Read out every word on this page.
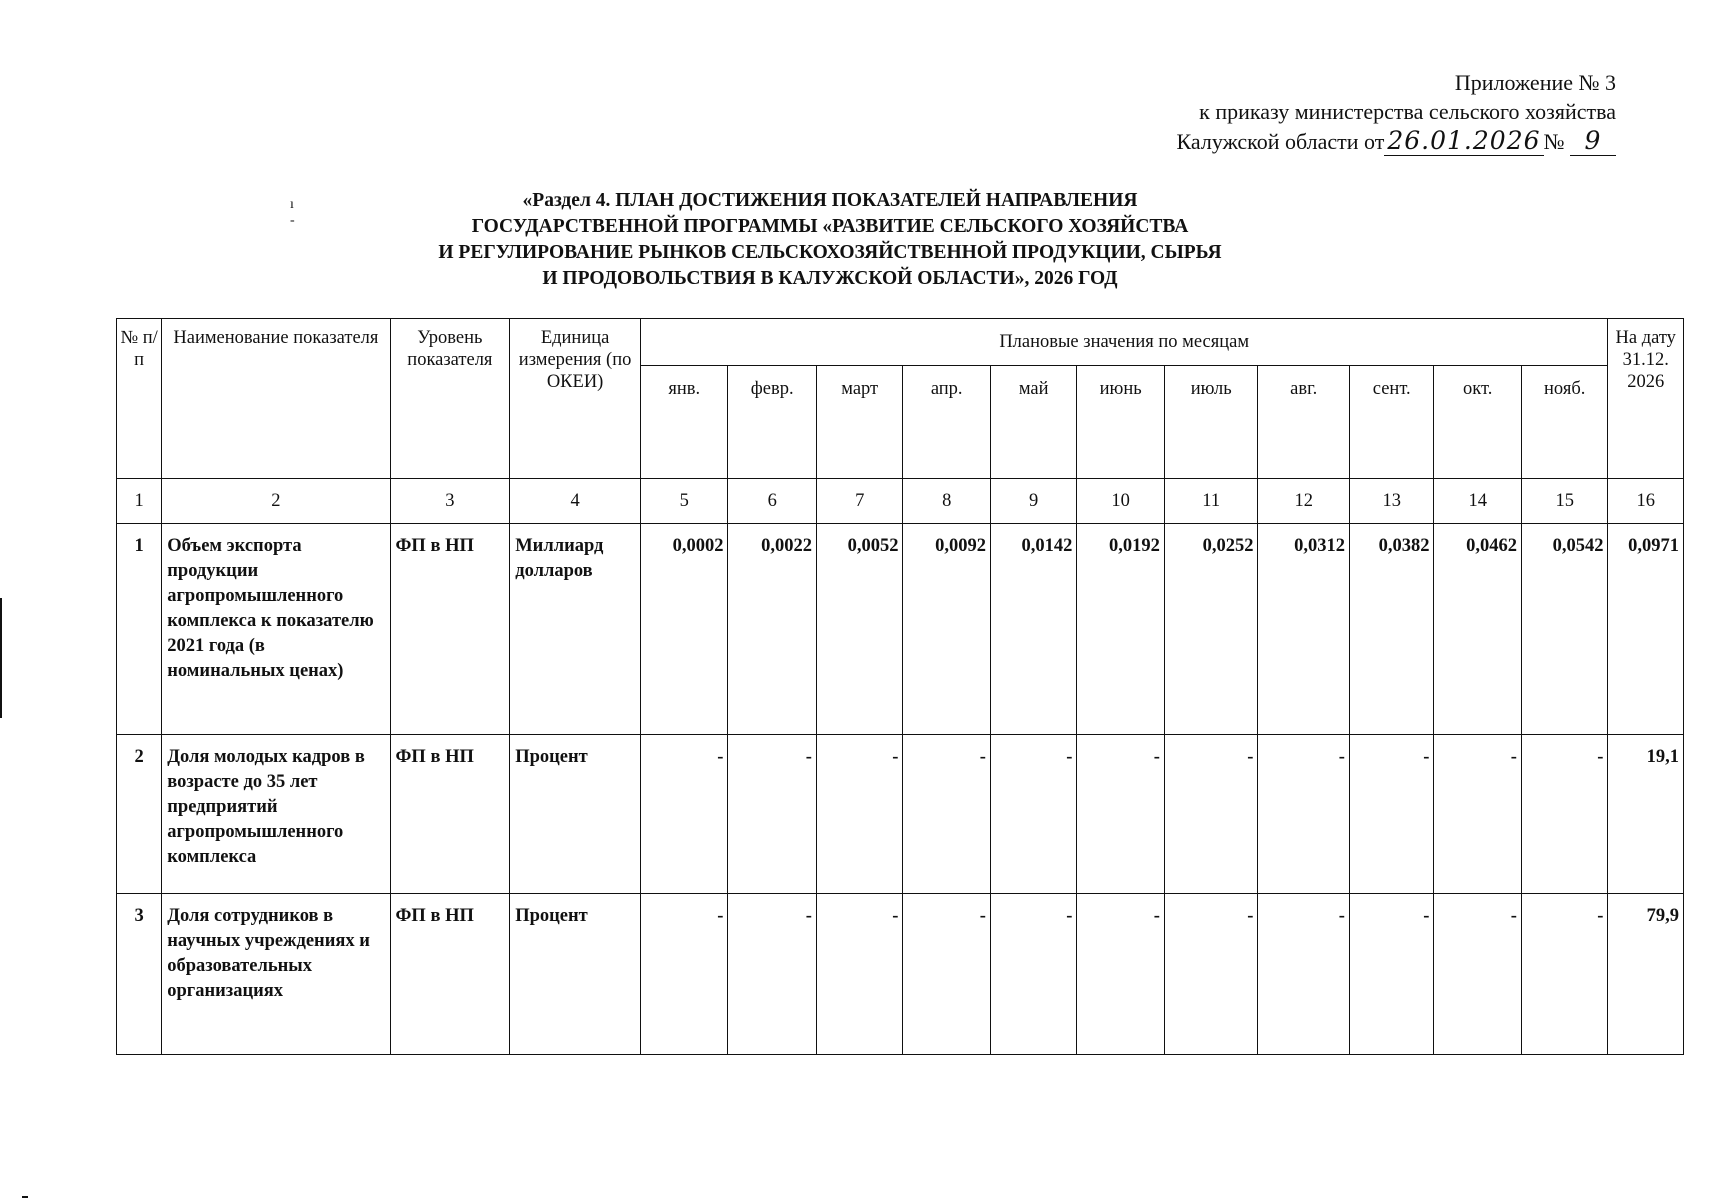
Приложение № 3
к приказу министерства сельского хозяйства
Калужской области от 26.01.2026 № 9
ı
-
«Раздел 4. ПЛАН ДОСТИЖЕНИЯ ПОКАЗАТЕЛЕЙ НАПРАВЛЕНИЯ
ГОСУДАРСТВЕННОЙ ПРОГРАММЫ «РАЗВИТИЕ СЕЛЬСКОГО ХОЗЯЙСТВА
И РЕГУЛИРОВАНИЕ РЫНКОВ СЕЛЬСКОХОЗЯЙСТВЕННОЙ ПРОДУКЦИИ, СЫРЬЯ
И ПРОДОВОЛЬСТВИЯ В КАЛУЖСКОЙ ОБЛАСТИ», 2026 ГОД
№ п/ п	Наименование показателя	Уровень показателя	Единица измерения (по ОКЕИ)	Плановые значения по месяцам											На дату 31.12. 2026
				янв.	февр.	март	апр.	май	июнь	июль	авг.	сент.	окт.	нояб.	
1	2	3	4	5	6	7	8	9	10	11	12	13	14	15	16
1	Объем экспорта продукции агропромышленного комплекса к показателю 2021 года (в номинальных ценах)	ФП в НП	Миллиард долларов	0,0002	0,0022	0,0052	0,0092	0,0142	0,0192	0,0252	0,0312	0,0382	0,0462	0,0542	0,0971
2	Доля молодых кадров в возрасте до 35 лет предприятий агропромышленного комплекса	ФП в НП	Процент	-	-	-	-	-	-	-	-	-	-	-	19,1
3	Доля сотрудников в научных учреждениях и образовательных организациях	ФП в НП	Процент	-	-	-	-	-	-	-	-	-	-	-	79,9
